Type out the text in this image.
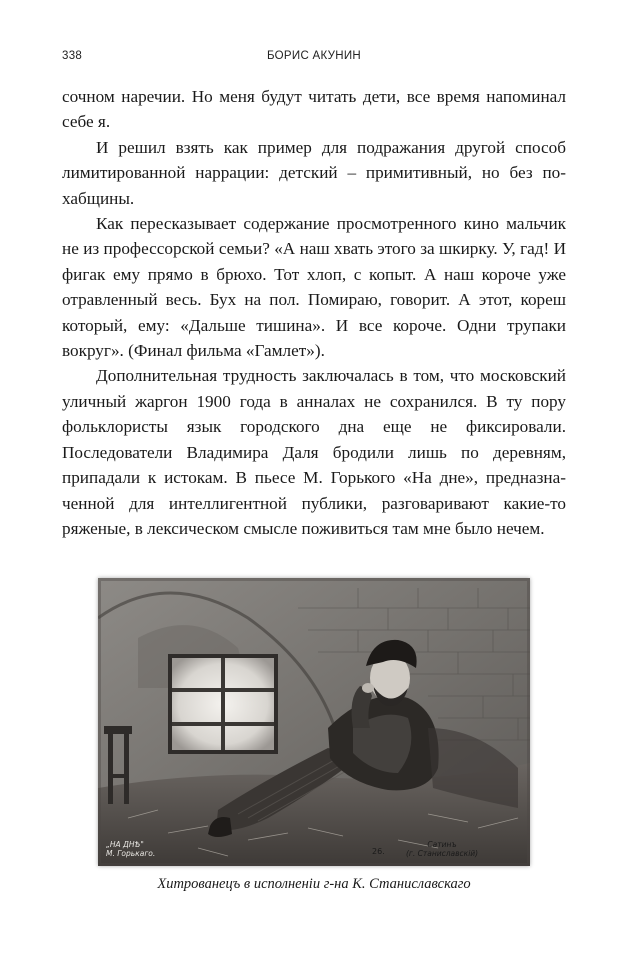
338	БОРИС АКУНИН

сочном наречии. Но меня будут читать дети, все время напоминал себе я.

И решил взять как пример для подражания другой способ лимитированной наррации: детский – примитивный, но без похабщины.

Как пересказывает содержание просмотренного кино мальчик не из профессорской семьи? «А наш хвать этого за шкирку. У, гад! И фигак ему прямо в брюхо. Тот хлоп, с копыт. А наш короче уже отравленный весь. Бух на пол. Помираю, говорит. А этот, кореш который, ему: «Дальше тишина». И все короче. Одни трупаки вокруг». (Финал фильма «Гамлет»).

Дополнительная трудность заключалась в том, что московский уличный жаргон 1900 года в анналах не сохранился. В ту пору фольклористы язык городского дна еще не фиксировали. Последователи Владимира Даля бродили лишь по деревням, припадали к истокам. В пьесе М. Горького «На дне», предназначенной для интеллигентной публики, разговаривают какие-то ряженые, в лексическом смысле поживиться там мне было нечем.

„НА ДНѢ"
М. Горькаго.	26.
Сатинъ
(г. Станиславскій)
Хитрованецъ в исполненiи г-на К. Станиславскаго
